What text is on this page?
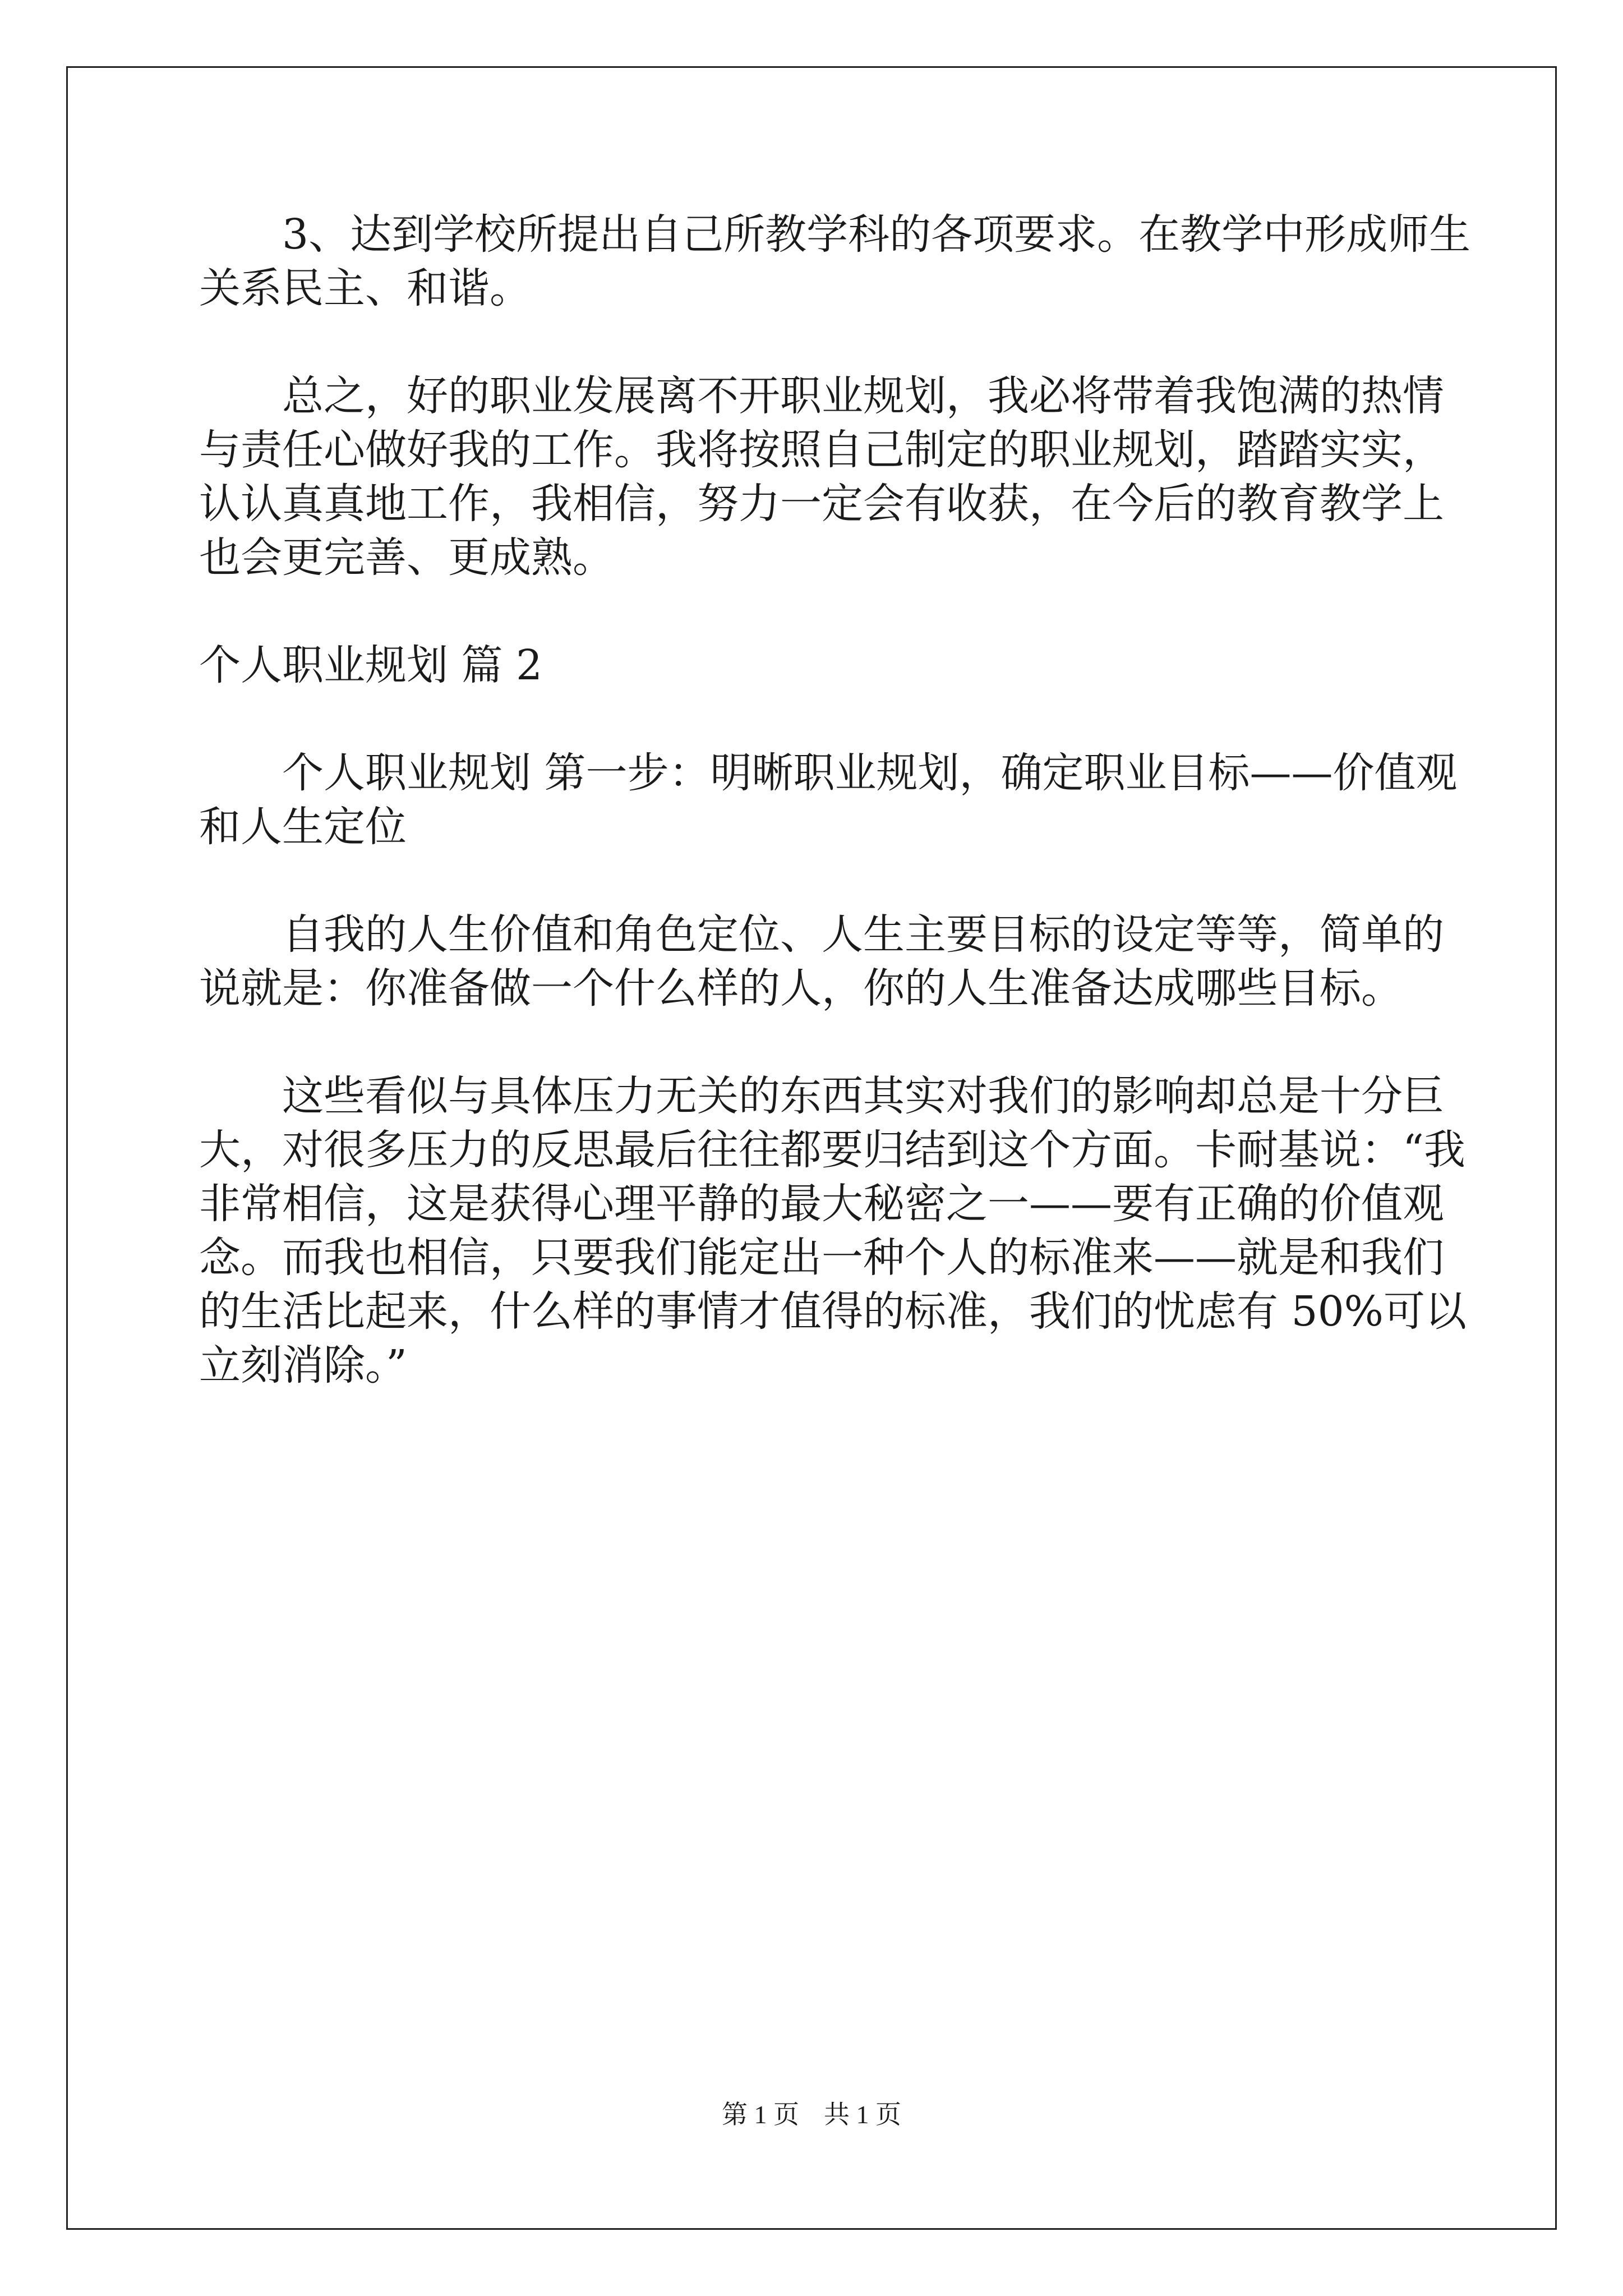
3、达到学校所提出自己所教学科的各项要求。在教学中形成师生
关系民主、和谐。
总之，好的职业发展离不开职业规划，我必将带着我饱满的热情
与责任心做好我的工作。我将按照自己制定的职业规划，踏踏实实，
认认真真地工作，我相信，努力一定会有收获，在今后的教育教学上
也会更完善、更成熟。
个人职业规划 篇 2
个人职业规划 第一步：明晰职业规划，确定职业目标——价值观
和人生定位
自我的人生价值和角色定位、人生主要目标的设定等等，简单的
说就是：你准备做一个什么样的人，你的人生准备达成哪些目标。
这些看似与具体压力无关的东西其实对我们的影响却总是十分巨
大，对很多压力的反思最后往往都要归结到这个方面。卡耐基说：“我
非常相信，这是获得心理平静的最大秘密之一——要有正确的价值观
念。而我也相信，只要我们能定出一种个人的标准来——就是和我们
的生活比起来，什么样的事情才值得的标准，我们的忧虑有 50%可以
立刻消除。”
第 1 页 共 1 页
